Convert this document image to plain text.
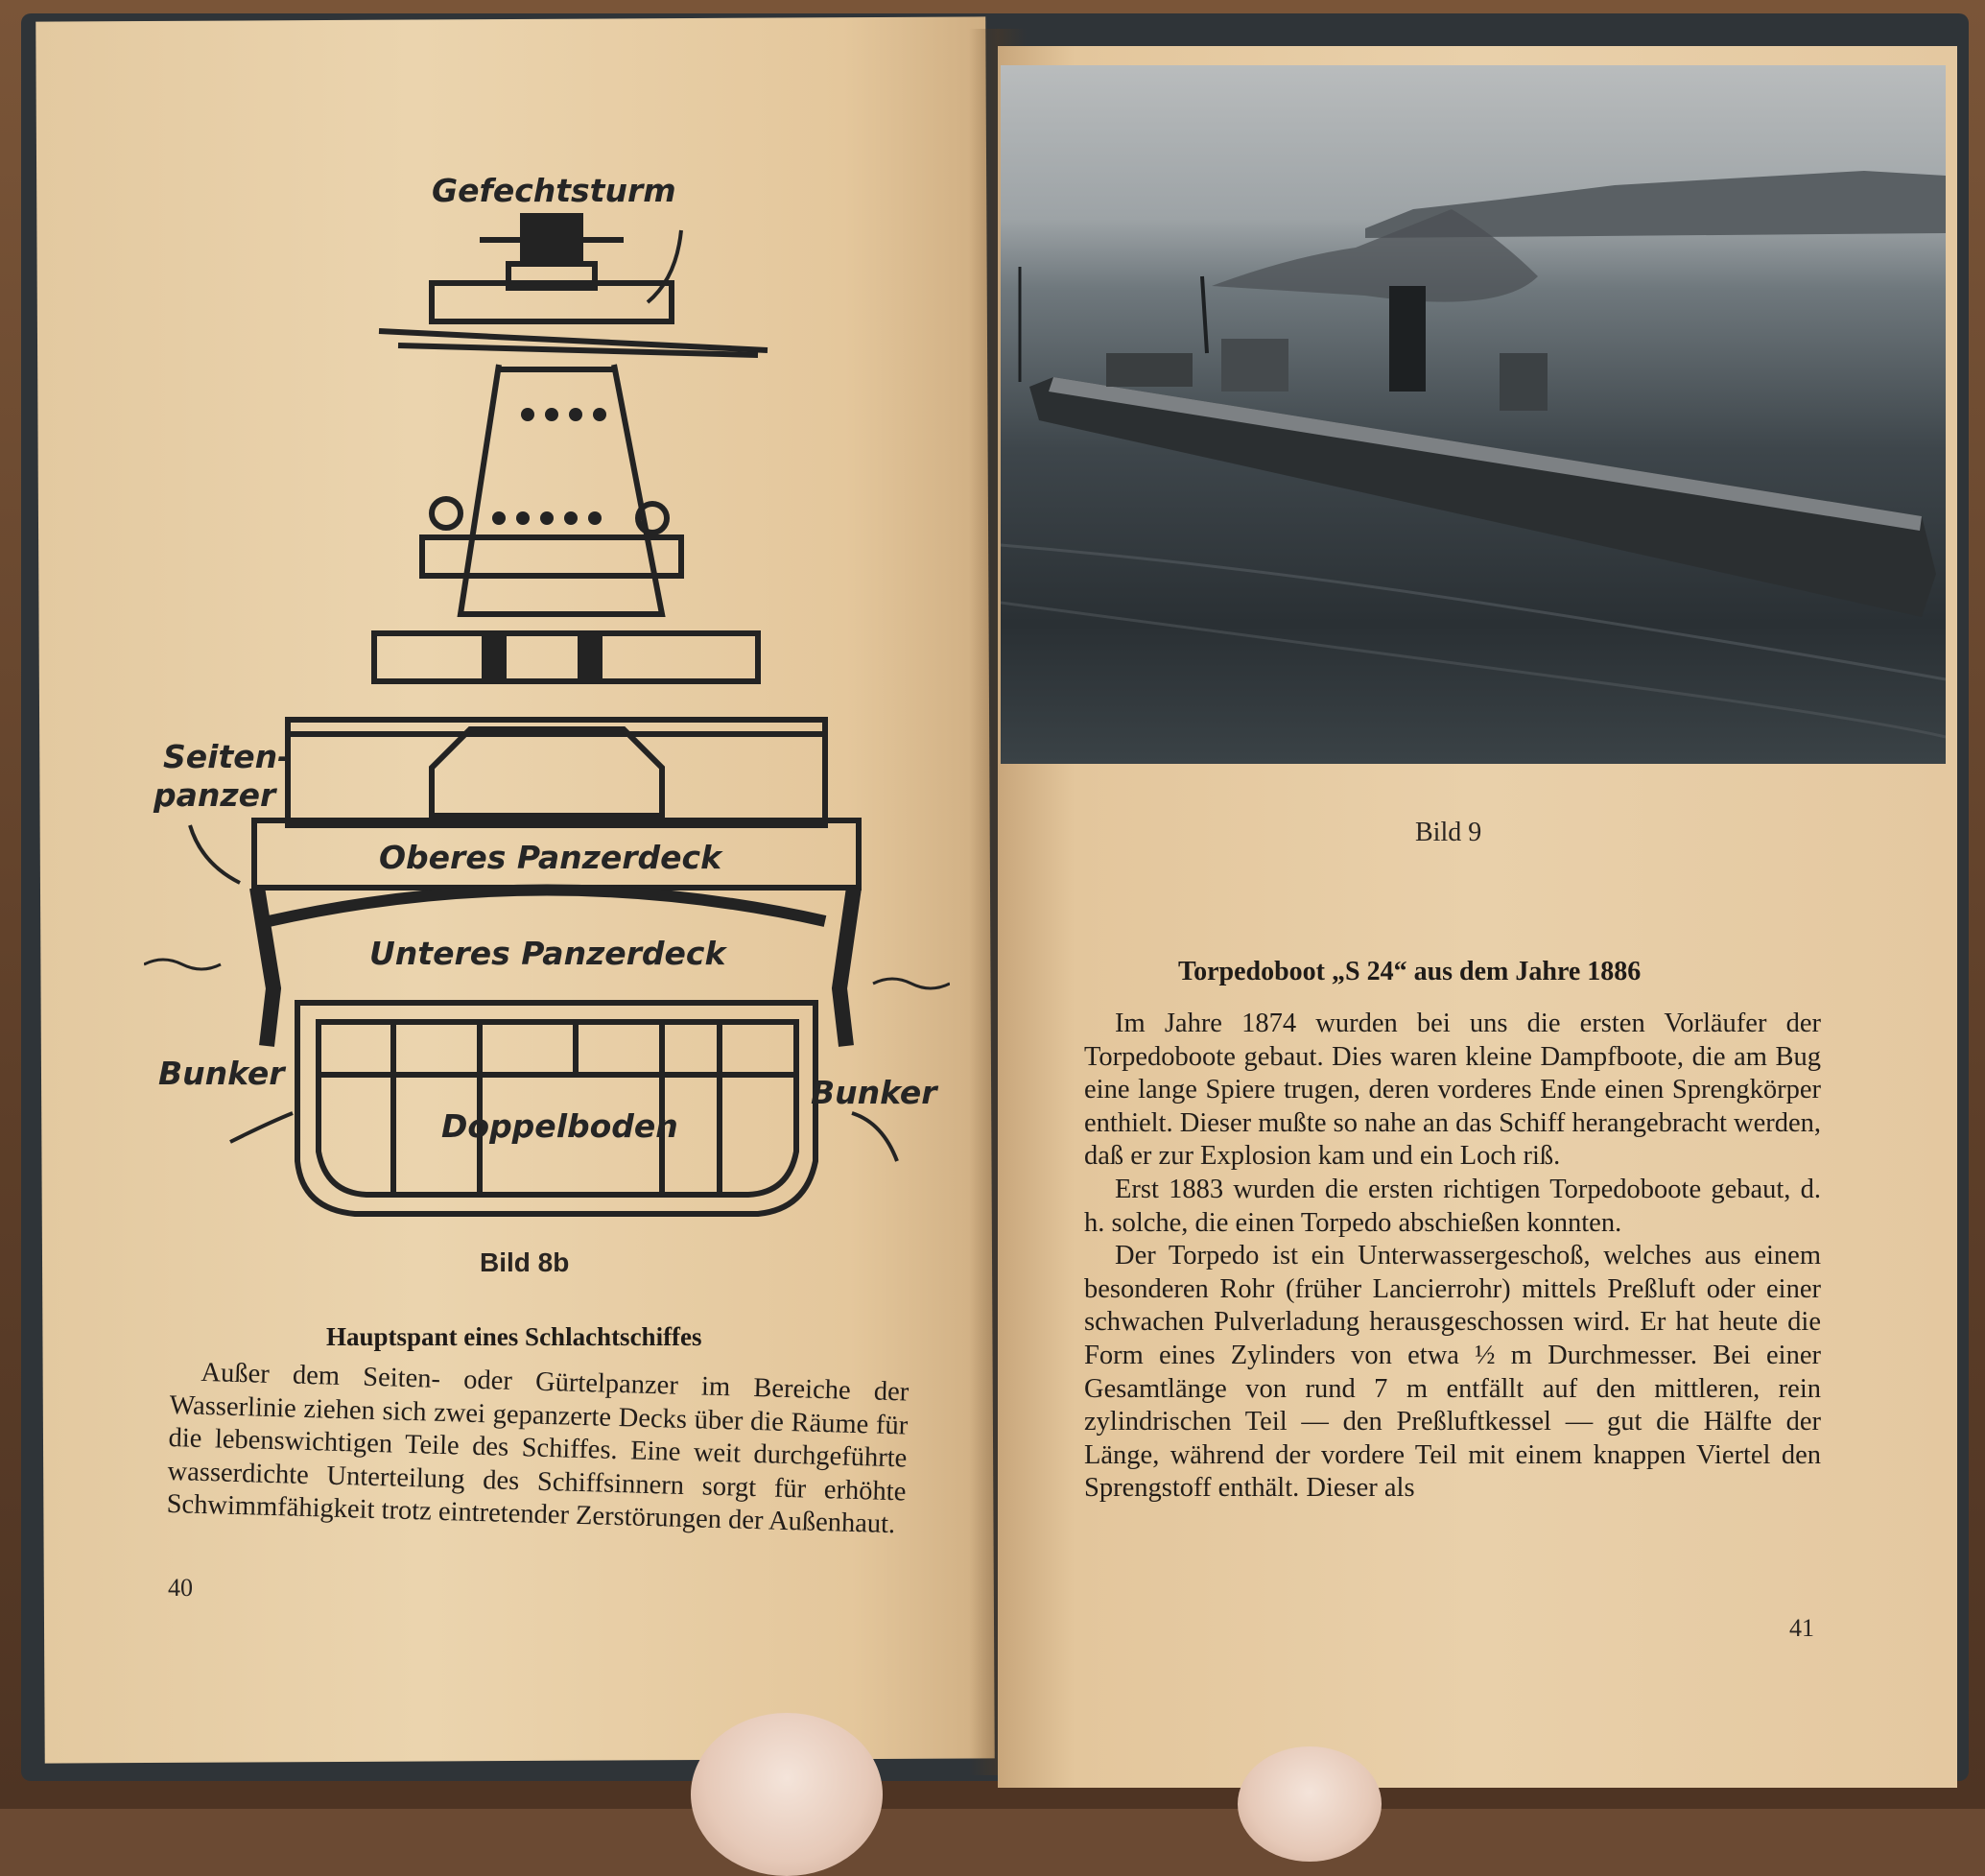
Gefechtsturm
Seiten-
panzer
Oberes Panzerdeck
Unteres Panzerdeck
Bunker
Bunker
Doppelboden
Bild 8b
Hauptspant eines Schlachtschiffes

Außer dem Seiten- oder Gürtelpanzer im Bereiche der Wasserlinie ziehen sich zwei gepanzerte Decks über die Räume für die lebenswichtigen Teile des Schiffes. Eine weit durchgeführte wasserdichte Unterteilung des Schiffsinnern sorgt für erhöhte Schwimmfähigkeit trotz eintretender Zerstörungen der Außenhaut.

40
Bild 9
Torpedoboot „S 24“ aus dem Jahre 1886

Im Jahre 1874 wurden bei uns die ersten Vorläufer der Torpedoboote gebaut. Dies waren kleine Dampfboote, die am Bug eine lange Spiere trugen, deren vorderes Ende einen Sprengkörper enthielt. Dieser mußte so nahe an das Schiff herangebracht werden, daß er zur Explosion kam und ein Loch riß.

Erst 1883 wurden die ersten richtigen Torpedoboote gebaut, d. h. solche, die einen Torpedo abschießen konnten.

Der Torpedo ist ein Unterwassergeschoß, welches aus einem besonderen Rohr (früher Lancierrohr) mittels Preßluft oder einer schwachen Pulverladung herausgeschossen wird. Er hat heute die Form eines Zylinders von etwa ½ m Durchmesser. Bei einer Gesamtlänge von rund 7 m entfällt auf den mittleren, rein zylindrischen Teil — den Preßluftkessel — gut die Hälfte der Länge, während der vordere Teil mit einem knappen Viertel den Sprengstoff enthält. Dieser als

41
